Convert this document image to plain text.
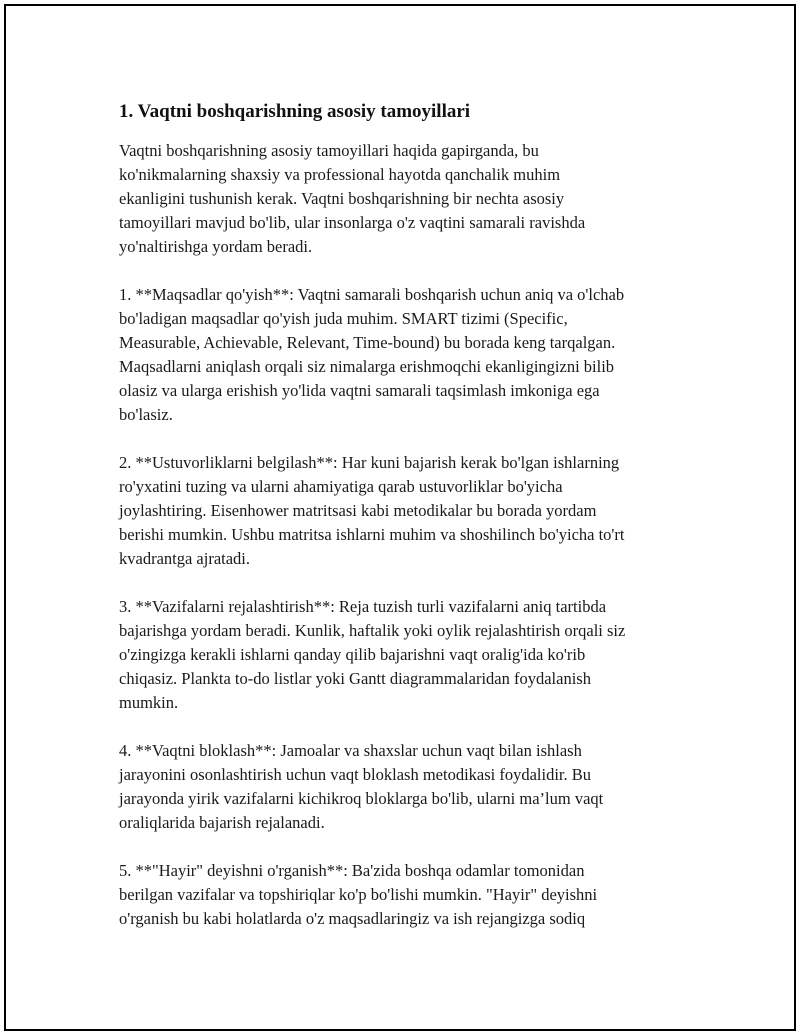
1. Vaqtni boshqarishning asosiy tamoyillari

Vaqtni boshqarishning asosiy tamoyillari haqida gapirganda, bu
ko'nikmalarning shaxsiy va professional hayotda qanchalik muhim
ekanligini tushunish kerak. Vaqtni boshqarishning bir nechta asosiy
tamoyillari mavjud bo'lib, ular insonlarga o'z vaqtini samarali ravishda
yo'naltirishga yordam beradi.

1. **Maqsadlar qo'yish**: Vaqtni samarali boshqarish uchun aniq va o'lchab
bo'ladigan maqsadlar qo'yish juda muhim. SMART tizimi (Specific,
Measurable, Achievable, Relevant, Time-bound) bu borada keng tarqalgan.
Maqsadlarni aniqlash orqali siz nimalarga erishmoqchi ekanligingizni bilib
olasiz va ularga erishish yo'lida vaqtni samarali taqsimlash imkoniga ega
bo'lasiz.

2. **Ustuvorliklarni belgilash**: Har kuni bajarish kerak bo'lgan ishlarning
ro'yxatini tuzing va ularni ahamiyatiga qarab ustuvorliklar bo'yicha
joylashtiring. Eisenhower matritsasi kabi metodikalar bu borada yordam
berishi mumkin. Ushbu matritsa ishlarni muhim va shoshilinch bo'yicha to'rt
kvadrantga ajratadi.

3. **Vazifalarni rejalashtirish**: Reja tuzish turli vazifalarni aniq tartibda
bajarishga yordam beradi. Kunlik, haftalik yoki oylik rejalashtirish orqali siz
o'zingizga kerakli ishlarni qanday qilib bajarishni vaqt oralig'ida ko'rib
chiqasiz. Plankta to-do listlar yoki Gantt diagrammalaridan foydalanish
mumkin.

4. **Vaqtni bloklash**: Jamoalar va shaxslar uchun vaqt bilan ishlash
jarayonini osonlashtirish uchun vaqt bloklash metodikasi foydalidir. Bu
jarayonda yirik vazifalarni kichikroq bloklarga bo'lib, ularni ma’lum vaqt
oraliqlarida bajarish rejalanadi.

5. **"Hayir" deyishni o'rganish**: Ba'zida boshqa odamlar tomonidan
berilgan vazifalar va topshiriqlar ko'p bo'lishi mumkin. "Hayir" deyishni
o'rganish bu kabi holatlarda o'z maqsadlaringiz va ish rejangizga sodiq
